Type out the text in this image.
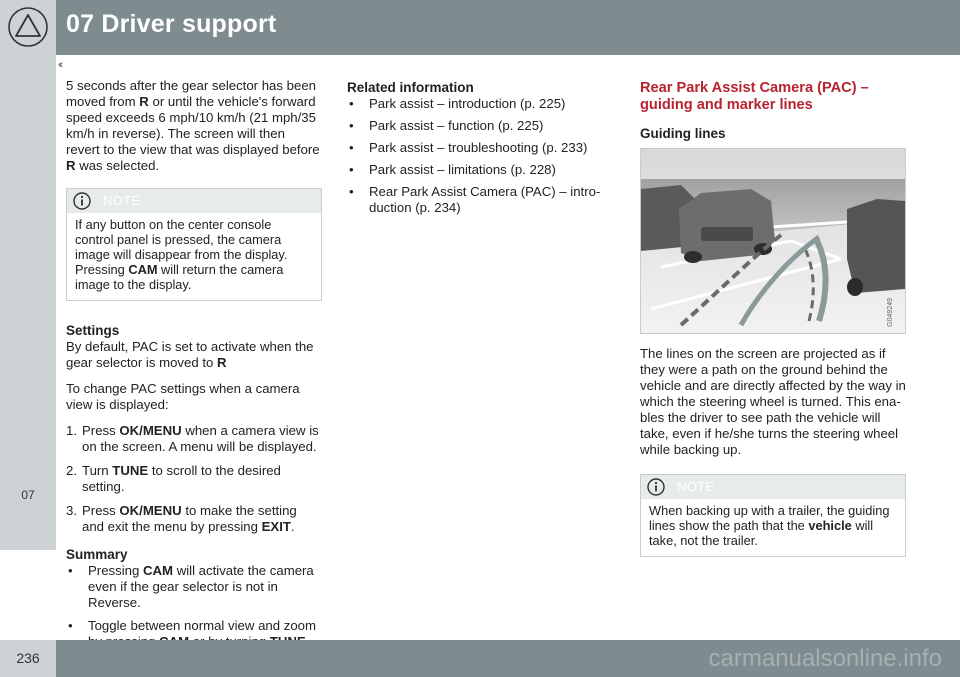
07 Driver support
07
‹‹

5 seconds after the gear selector has been moved from R or until the vehicle's forward speed exceeds 6 mph/10 km/h (21 mph/35 km/h in reverse). The screen will then revert to the view that was displayed before R was selected.

NOTE
If any button on the center console control panel is pressed, the camera image will disappear from the display. Pressing CAM will return the camera image to the display.
Settings

By default, PAC is set to activate when the gear selector is moved to R

To change PAC settings when a camera view is displayed:

1. Press OK/MENU when a camera view is on the screen. A menu will be displayed.
2. Turn TUNE to scroll to the desired setting.
3. Press OK/MENU to make the setting and exit the menu by pressing EXIT.
Summary
• Pressing CAM will activate the camera even if the gear selector is not in Reverse.
• Toggle between normal view and zoom
Related information
• Park assist – introduction (p. 225)
• Park assist – function (p. 225)
• Park assist – troubleshooting (p. 233)
• Park assist – limitations (p. 228)
• Rear Park Assist Camera (PAC) – intro-duction (p. 234)
Rear Park Assist Camera (PAC) – guiding and marker lines
Guiding lines
G049249

The lines on the screen are projected as if they were a path on the ground behind the vehicle and are directly affected by the way in which the steering wheel is turned. This ena-bles the driver to see path the vehicle will take, even if he/she turns the steering wheel while backing up.

NOTE
When backing up with a trailer, the guiding lines show the path that the vehicle will take, not the trailer.
236	carmanualsonline.info
